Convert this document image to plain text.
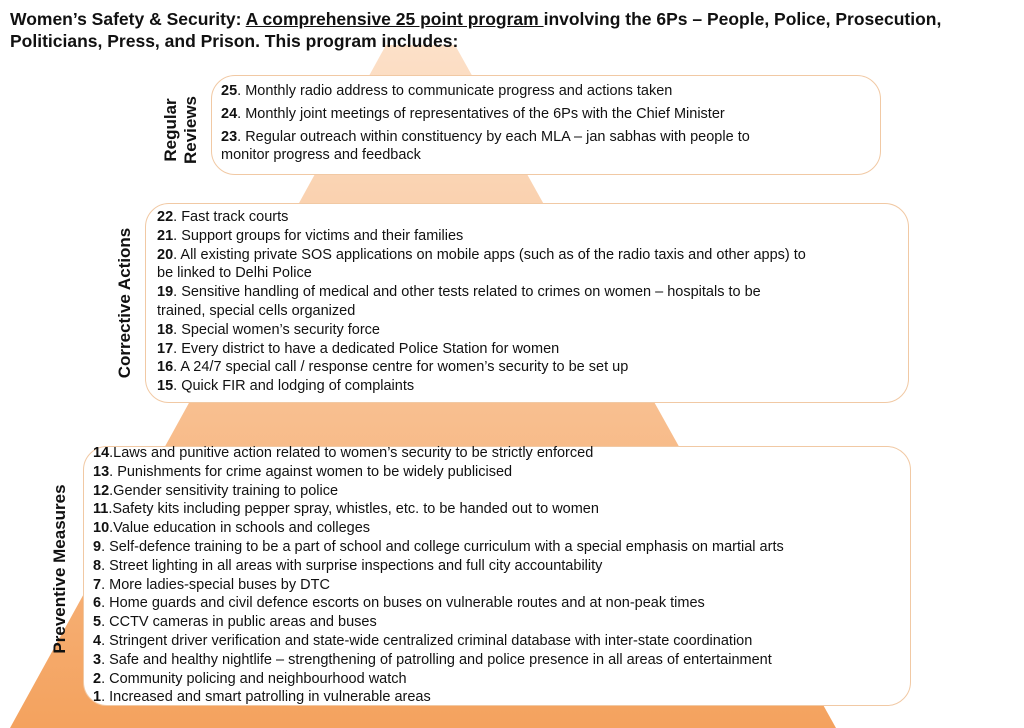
Women’s Safety & Security: A comprehensive 25 point program involving the 6Ps – People, Police, Prosecution, Politicians, Press, and Prison. This program includes:
Regular Reviews
25. Monthly radio address to communicate progress and actions taken
24. Monthly joint meetings of representatives of the 6Ps with the Chief Minister
23. Regular outreach within constituency by each MLA – jan sabhas with people to
monitor progress and feedback
Corrective Actions
22. Fast track courts
21. Support groups for victims and their families
20. All existing private SOS applications on mobile apps (such as of the radio taxis and other apps) to
be linked to Delhi Police
19. Sensitive handling of medical and other tests related to crimes on women – hospitals to be
trained, special cells organized
18. Special women’s security force
17. Every district to have a dedicated Police Station for women
16. A 24/7 special call / response centre for women’s security to be set up
15. Quick FIR and lodging of complaints
Preventive Measures
14.Laws and punitive action related to women’s security to be strictly enforced
13. Punishments for crime against women to be widely publicised
12.Gender sensitivity training to police
11.Safety kits including pepper spray, whistles, etc. to be handed out to women
10.Value education in schools and colleges
9. Self-defence training to be a part of school and college curriculum with a special emphasis on martial arts
8. Street lighting in all areas with surprise inspections and full city accountability
7. More ladies-special buses by DTC
6. Home guards and civil defence escorts on buses on vulnerable routes and at non-peak times
5. CCTV cameras in public areas and buses
4. Stringent driver verification and state-wide centralized criminal database with inter-state coordination
3. Safe and healthy nightlife – strengthening of patrolling and police presence in all areas of entertainment
2. Community policing and neighbourhood watch
1. Increased and smart patrolling in vulnerable areas
